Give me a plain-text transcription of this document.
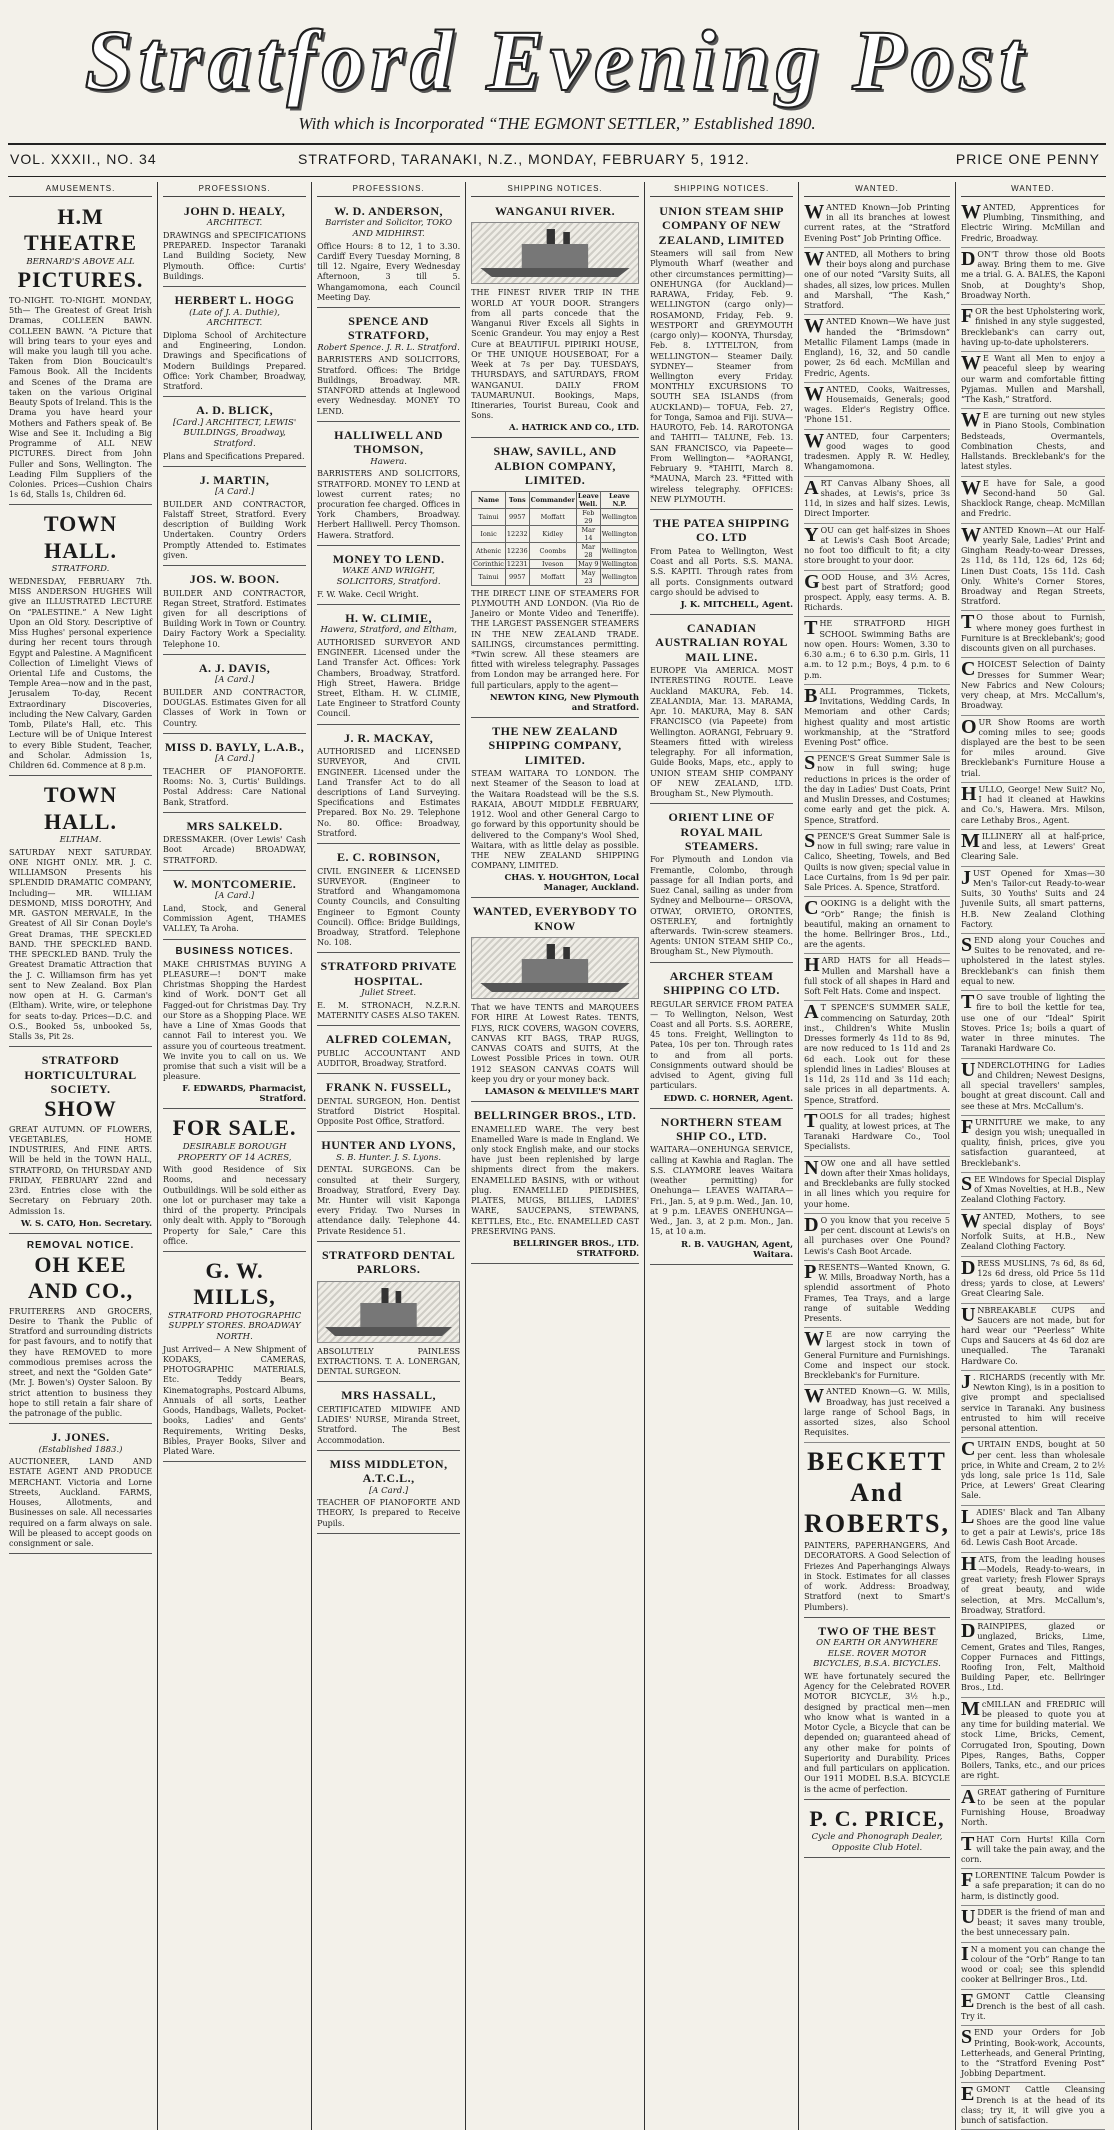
Stratford Evening Post
With which is Incorporated “THE EGMONT SETTLER,” Established 1890.
VOL. XXXII., NO. 34	STRATFORD, TARANAKI, N.Z., MONDAY, FEBRUARY 5, 1912.	PRICE ONE PENNY
AMUSEMENTS.
H.M THEATRE
BERNARD'S ABOVE ALL
PICTURES.
TO-NIGHT. TO-NIGHT. MONDAY, 5th— The Greatest of Great Irish Dramas, COLLEEN BAWN. COLLEEN BAWN. “A Picture that will bring tears to your eyes and will make you laugh till you ache. Taken from Dion Boucicault's Famous Book. All the Incidents and Scenes of the Drama are taken on the various Original Beauty Spots of Ireland. This is the Drama you have heard your Mothers and Fathers speak of. Be Wise and See it. Including a Big Programme of ALL NEW PICTURES. Direct from John Fuller and Sons, Wellington. The Leading Film Suppliers of the Colonies. Prices—Cushion Chairs 1s 6d, Stalls 1s, Children 6d.
TOWN HALL.
STRATFORD.
WEDNESDAY, FEBRUARY 7th. MISS ANDERSON HUGHES Will give an ILLUSTRATED LECTURE On “PALESTINE.” A New Light Upon an Old Story. Descriptive of Miss Hughes' personal experience during her recent tours through Egypt and Palestine. A Magnificent Collection of Limelight Views of Oriental Life and Customs, the Temple Area—now and in the past, Jerusalem To-day, Recent Extraordinary Discoveries, including the New Calvary, Garden Tomb, Pilate's Hall, etc. This Lecture will be of Unique Interest to every Bible Student, Teacher, and Scholar. Admission 1s, Children 6d. Commence at 8 p.m.
TOWN HALL.
ELTHAM.
SATURDAY NEXT SATURDAY. ONE NIGHT ONLY. MR. J. C. WILLIAMSON Presents his SPLENDID DRAMATIC COMPANY, Including— MR. WILLIAM DESMOND, MISS DOROTHY, And MR. GASTON MERVALE, In the Greatest of All Sir Conan Doyle's Great Dramas, THE SPECKLED BAND. THE SPECKLED BAND. THE SPECKLED BAND. Truly the Greatest Dramatic Attraction that the J. C. Williamson firm has yet sent to New Zealand. Box Plan now open at H. G. Carman's (Eltham). Write, wire, or telephone for seats to-day. Prices—D.C. and O.S., Booked 5s, unbooked 5s, Stalls 3s, Pit 2s.
STRATFORD HORTICULTURAL SOCIETY.
SHOW
GREAT AUTUMN. OF FLOWERS, VEGETABLES, HOME INDUSTRIES, And FINE ARTS. Will be held in the TOWN HALL, STRATFORD, On THURSDAY AND FRIDAY, FEBRUARY 22nd and 23rd. Entries close with the Secretary on February 20th. Admission 1s.
W. S. CATO, Hon. Secretary.
REMOVAL NOTICE.
OH KEE AND CO.,
FRUITERERS AND GROCERS, Desire to Thank the Public of Stratford and surrounding districts for past favours, and to notify that they have REMOVED to more commodious premises across the street, and next the “Golden Gate” (Mr. J. Bowen's) Oyster Saloon. By strict attention to business they hope to still retain a fair share of the patronage of the public.
J. JONES.
(Established 1883.)
AUCTIONEER, LAND AND ESTATE AGENT AND PRODUCE MERCHANT. Victoria and Lorne Streets, Auckland. FARMS, Houses, Allotments, and Businesses on sale. All necessaries required on a farm always on sale. Will be pleased to accept goods on consignment or sale.
PROFESSIONS.
JOHN D. HEALY,
ARCHITECT.
DRAWINGS and SPECIFICATIONS PREPARED. Inspector Taranaki Land Building Society, New Plymouth. Office: Curtis' Buildings.
HERBERT L. HOGG
(Late of J. A. Duthie), ARCHITECT.
Diploma School of Architecture and Engineering, London. Drawings and Specifications of Modern Buildings Prepared. Office: York Chamber, Broadway, Stratford.
A. D. BLICK,
[Card.] ARCHITECT, LEWIS' BUILDINGS, Broadway, Stratford.
Plans and Specifications Prepared.
J. MARTIN,
[A Card.]
BUILDER AND CONTRACTOR, Falstaff Street, Stratford. Every description of Building Work Undertaken. Country Orders Promptly Attended to. Estimates given.
JOS. W. BOON.
BUILDER AND CONTRACTOR, Regan Street, Stratford. Estimates given for all descriptions of Building Work in Town or Country. Dairy Factory Work a Speciality. Telephone 10.
A. J. DAVIS,
[A Card.]
BUILDER AND CONTRACTOR, DOUGLAS. Estimates Given for all Classes of Work in Town or Country.
MISS D. BAYLY, L.A.B.,
[A Card.]
TEACHER OF PIANOFORTE. Rooms: No. 3, Curtis' Buildings. Postal Address: Care National Bank, Stratford.
MRS SALKELD.
DRESSMAKER. (Over Lewis' Cash Boot Arcade) BROADWAY, STRATFORD.
W. MONTCOMERIE.
[A Card.]
Land, Stock, and General Commission Agent, THAMES VALLEY, Ta Aroha.
BUSINESS NOTICES.
MAKE CHRISTMAS BUYING A PLEASURE—! DON'T make Christmas Shopping the Hardest kind of Work. DON'T Get all Fagged-out for Christmas Day. Try our Store as a Shopping Place. WE have a Line of Xmas Goods that cannot Fail to interest you. We assure you of courteous treatment. We invite you to call on us. We promise that such a visit will be a pleasure.
F. EDWARDS, Pharmacist, Stratford.
FOR SALE.
DESIRABLE BOROUGH PROPERTY OF 14 ACRES,
With good Residence of Six Rooms, and necessary Outbuildings. Will be sold either as one lot or purchaser may take a third of the property. Principals only dealt with. Apply to “Borough Property for Sale,” Care this office.
G. W. MILLS,
STRATFORD PHOTOGRAPHIC SUPPLY STORES. BROADWAY NORTH.
Just Arrived— A New Shipment of KODAKS, CAMERAS, PHOTOGRAPHIC MATERIALS, Etc. Teddy Bears, Kinematographs, Postcard Albums, Annuals of all sorts, Leather Goods, Handbags, Wallets, Pocket-books, Ladies' and Gents' Requirements, Writing Desks, Bibles, Prayer Books, Silver and Plated Ware.
PROFESSIONS.
W. D. ANDERSON,
Barrister and Solicitor, TOKO AND MIDHIRST.
Office Hours: 8 to 12, 1 to 3.30. Cardiff Every Tuesday Morning, 8 till 12. Ngaire, Every Wednesday Afternoon, 3 till 5. Whangamomona, each Council Meeting Day.
SPENCE AND STRATFORD,
Robert Spence. J. R. L. Stratford.
BARRISTERS AND SOLICITORS, Stratford. Offices: The Bridge Buildings, Broadway. MR. STANFORD attends at Inglewood every Wednesday. MONEY TO LEND.
HALLIWELL AND THOMSON,
Hawera.
BARRISTERS AND SOLICITORS, STRATFORD. MONEY TO LEND at lowest current rates; no procuration fee charged. Offices in York Chambers, Broadway. Herbert Halliwell. Percy Thomson. Hawera. Stratford.
MONEY TO LEND.
WAKE AND WRIGHT, SOLICITORS, Stratford.
F. W. Wake. Cecil Wright.
H. W. CLIMIE,
Hawera, Stratford, and Eltham,
AUTHORISED SURVEYOR AND ENGINEER. Licensed under the Land Transfer Act. Offices: York Chambers, Broadway, Stratford. High Street, Hawera. Bridge Street, Eltham. H. W. CLIMIE, Late Engineer to Stratford County Council.
J. R. MACKAY,
AUTHORISED and LICENSED SURVEYOR, And CIVIL ENGINEER. Licensed under the Land Transfer Act to do all descriptions of Land Surveying. Specifications and Estimates Prepared. Box No. 29. Telephone No. 80. Office: Broadway, Stratford.
E. C. ROBINSON,
CIVIL ENGINEER & LICENSED SURVEYOR. (Engineer to Stratford and Whangamomona County Councils, and Consulting Engineer to Egmont County Council). Office: Bridge Buildings, Broadway, Stratford. Telephone No. 108.
STRATFORD PRIVATE HOSPITAL.
Juliet Street.
E. M. STRONACH, N.Z.R.N. MATERNITY CASES ALSO TAKEN.
ALFRED COLEMAN,
PUBLIC ACCOUNTANT AND AUDITOR, Broadway, Stratford.
FRANK N. FUSSELL,
DENTAL SURGEON, Hon. Dentist Stratford District Hospital. Opposite Post Office, Stratford.
HUNTER AND LYONS,
S. B. Hunter. J. S. Lyons.
DENTAL SURGEONS. Can be consulted at their Surgery, Broadway, Stratford, Every Day. Mr. Hunter will visit Kaponga every Friday. Two Nurses in attendance daily. Telephone 44. Private Residence 51.
STRATFORD DENTAL PARLORS.
ABSOLUTELY PAINLESS EXTRACTIONS. T. A. LONERGAN, DENTAL SURGEON.
MRS HASSALL,
CERTIFICATED MIDWIFE AND LADIES' NURSE, Miranda Street, Stratford. The Best Accommodation.
MISS MIDDLETON, A.T.C.L.,
[A Card.]
TEACHER OF PIANOFORTE AND THEORY, Is prepared to Receive Pupils.
SHIPPING NOTICES.
WANGANUI RIVER.
THE FINEST RIVER TRIP IN THE WORLD AT YOUR DOOR. Strangers from all parts concede that the Wanganui River Excels all Sights in Scenic Grandeur. You may enjoy a Rest Cure at BEAUTIFUL PIPIRIKI HOUSE, Or THE UNIQUE HOUSEBOAT, For a Week at 7s per Day. TUESDAYS, THURSDAYS, and SATURDAYS, FROM WANGANUI. DAILY FROM TAUMARUNUI. Bookings, Maps, Itineraries, Tourist Bureau, Cook and Sons.
A. HATRICK AND CO., LTD.
SHAW, SAVILL, AND ALBION COMPANY, LIMITED.
Name	Tons	Commander	Leave Well.	Leave N.P.
Tainui	9957	Moffatt	Feb 29	Wellington
Ionic	12232	Kidley	Mar 14	Wellington
Athenic	12236	Coombs	Mar 28	Wellington
Corinthic	12231	Iveson	May 9	Wellington
Tainui	9957	Moffatt	May 23	Wellington
THE DIRECT LINE OF STEAMERS FOR PLYMOUTH AND LONDON. (Via Rio de Janeiro or Monte Video and Teneriffe). THE LARGEST PASSENGER STEAMERS IN THE NEW ZEALAND TRADE. SAILINGS, circumstances permitting. *Twin screw. All these steamers are fitted with wireless telegraphy. Passages from London may be arranged here. For full particulars, apply to the agent—
NEWTON KING, New Plymouth and Stratford.
THE NEW ZEALAND SHIPPING COMPANY, LIMITED.
STEAM WAITARA TO LONDON. The next Steamer of the Season to load at the Waitara Roadstead will be the S.S. RAKAIA, ABOUT MIDDLE FEBRUARY, 1912. Wool and other General Cargo to go forward by this opportunity should be delivered to the Company's Wool Shed, Waitara, with as little delay as possible. THE NEW ZEALAND SHIPPING COMPANY, LIMITED.
CHAS. Y. HOUGHTON, Local Manager, Auckland.
WANTED, EVERYBODY TO KNOW
That we have TENTS and MARQUEES FOR HIRE At Lowest Rates. TENTS, FLYS, RICK COVERS, WAGON COVERS, CANVAS KIT BAGS, TRAP RUGS, CANVAS COATS and SUITS, At the Lowest Possible Prices in town. OUR 1912 SEASON CANVAS COATS Will keep you dry or your money back.
LAMASON & MELVILLE'S MART
BELLRINGER BROS., LTD.
ENAMELLED WARE. The very best Enamelled Ware is made in England. We only stock English make, and our stocks have just been replenished by large shipments direct from the makers. ENAMELLED BASINS, with or without plug. ENAMELLED PIEDISHES, PLATES, MUGS, BILLIES, LADIES' WARE, SAUCEPANS, STEWPANS, KETTLES, Etc., Etc. ENAMELLED CAST PRESERVING PANS.
BELLRINGER BROS., LTD. STRATFORD.
SHIPPING NOTICES.
UNION STEAM SHIP COMPANY OF NEW ZEALAND, LIMITED
Steamers will sail from New Plymouth Wharf (weather and other circumstances permitting)— ONEHUNGA (for Auckland)— RARAWA, Friday, Feb. 9. WELLINGTON (cargo only)— ROSAMOND, Friday, Feb. 9. WESTPORT and GREYMOUTH (cargo only)— KOONYA, Thursday, Feb. 8. LYTTELTON, from WELLINGTON— Steamer Daily. SYDNEY— Steamer from Wellington every Friday. MONTHLY EXCURSIONS TO SOUTH SEA ISLANDS (from AUCKLAND)— TOFUA, Feb. 27, for Tonga, Samoa and Fiji. SUVA— HAUROTO, Feb. 14. RAROTONGA and TAHITI— TALUNE, Feb. 13. SAN FRANCISCO, via Papeete— From Wellington— *AORANGI, February 9. *TAHITI, March 8. *MAUNA, March 23. *Fitted with wireless telegraphy. OFFICES: NEW PLYMOUTH.
THE PATEA SHIPPING CO. LTD
From Patea to Wellington, West Coast and all Ports. S.S. MANA. S.S. KAPITI. Through rates from all ports. Consignments outward cargo should be advised to
J. K. MITCHELL, Agent.
CANADIAN AUSTRALIAN ROYAL MAIL LINE.
EUROPE Via AMERICA. MOST INTERESTING ROUTE. Leave Auckland MAKURA, Feb. 14. ZEALANDIA, Mar. 13. MARAMA, Apr. 10. MAKURA, May 8. SAN FRANCISCO (via Papeete) from Wellington. AORANGI, February 9. Steamers fitted with wireless telegraphy. For all information, Guide Books, Maps, etc., apply to UNION STEAM SHIP COMPANY OF NEW ZEALAND, LTD. Brougham St., New Plymouth.
ORIENT LINE OF ROYAL MAIL STEAMERS.
For Plymouth and London via Fremantle, Colombo, through passage for all Indian ports, and Suez Canal, sailing as under from Sydney and Melbourne— ORSOVA, OTWAY, ORVIETO, ORONTES, OSTERLEY, and fortnightly afterwards. Twin-screw steamers. Agents: UNION STEAM SHIP Co., Brougham St., New Plymouth.
ARCHER STEAM SHIPPING CO LTD.
REGULAR SERVICE FROM PATEA— To Wellington, Nelson, West Coast and all Ports. S.S. AORERE, 45 tons. Freight, Wellington to Patea, 10s per ton. Through rates to and from all ports. Consignments outward should be advised to Agent, giving full particulars.
EDWD. C. HORNER, Agent.
NORTHERN STEAM SHIP CO., LTD.
WAITARA—ONEHUNGA SERVICE, calling at Kawhia and Raglan. The S.S. CLAYMORE leaves Waitara (weather permitting) for Onehunga— LEAVES WAITARA— Fri., Jan. 5, at 9 p.m. Wed., Jan. 10, at 9 p.m. LEAVES ONEHUNGA— Wed., Jan. 3, at 2 p.m. Mon., Jan. 15, at 10 a.m.
R. B. VAUGHAN, Agent, Waitara.
WANTED.
WANTED Known—Job Printing in all its branches at lowest current rates, at the “Stratford Evening Post” Job Printing Office.
WANTED, all Mothers to bring their boys along and purchase one of our noted “Varsity Suits, all shades, all sizes, low prices. Mullen and Marshall, “The Kash,” Stratford.
WANTED Known—We have just handed the “Brimsdown” Metallic Filament Lamps (made in England), 16, 32, and 50 candle power, 2s 6d each. McMillan and Fredric, Agents.
WANTED, Cooks, Waitresses, Housemaids, Generals; good wages. Elder's Registry Office. 'Phone 151.
WANTED, four Carpenters; good wages to good tradesmen. Apply R. W. Hedley, Whangamomona.
ART Canvas Albany Shoes, all shades, at Lewis's, price 3s 11d, in sizes and half sizes. Lewis, Direct Importer.
YOU can get half-sizes in Shoes at Lewis's Cash Boot Arcade; no foot too difficult to fit; a city store brought to your door.
GOOD House, and 3½ Acres, best part of Stratford; good prospect. Apply, easy terms. A. B. Richards.
THE STRATFORD HIGH SCHOOL Swimming Baths are now open. Hours: Women, 3.30 to 6.30 a.m.; 6 to 6.30 p.m. Girls, 11 a.m. to 12 p.m.; Boys, 4 p.m. to 6 p.m.
BALL Programmes, Tickets, Invitations, Wedding Cards, In Memoriam and other Cards; highest quality and most artistic workmanship, at the “Stratford Evening Post” office.
SPENCE'S Great Summer Sale is now in full swing; huge reductions in prices is the order of the day in Ladies' Dust Coats, Print and Muslin Dresses, and Costumes; come early and get the pick. A. Spence, Stratford.
SPENCE'S Great Summer Sale is now in full swing; rare value in Calico, Sheeting, Towels, and Bed Quilts is now given; special value in Lace Curtains, from 1s 9d per pair. Sale Prices. A. Spence, Stratford.
COOKING is a delight with the “Orb” Range; the finish is beautiful, making an ornament to the home. Bellringer Bros., Ltd., are the agents.
HARD HATS for all Heads—Mullen and Marshall have a full stock of all shapes in Hard and Soft Felt Hats. Come and inspect.
A T SPENCE'S SUMMER SALE, commencing on Saturday, 20th inst., Children's White Muslin Dresses formerly 4s 11d to 8s 9d, are now reduced to 1s 11d and 2s 6d each. Look out for these splendid lines in Ladies' Blouses at 1s 11d, 2s 11d and 3s 11d each; sale prices in all departments. A. Spence, Stratford.
TOOLS for all trades; highest quality, at lowest prices, at The Taranaki Hardware Co., Tool Specialists.
NOW one and all have settled down after their Xmas holidays, and Brecklebanks are fully stocked in all lines which you require for your home.
D O you know that you receive 5 per cent. discount at Lewis's on all purchases over One Pound? Lewis's Cash Boot Arcade.
PRESENTS—Wanted Known, G. W. Mills, Broadway North, has a splendid assortment of Photo Frames, Tea Trays, and a large range of suitable Wedding Presents.
W E are now carrying the largest stock in town of General Furniture and Furnishings. Come and inspect our stock. Brecklebank's for Furniture.
WANTED Known—G. W. Mills, Broadway, has just received a large range of School Bags, in assorted sizes, also School Requisites.
BECKETT And ROBERTS,
PAINTERS, PAPERHANGERS, And DECORATORS. A Good Selection of Friezes And Paperhangings Always in Stock. Estimates for all classes of work. Address: Broadway, Stratford (next to Smart's Plumbers).
TWO OF THE BEST
ON EARTH OR ANYWHERE ELSE. ROVER MOTOR BICYCLES, B.S.A. BICYCLES.
WE have fortunately secured the Agency for the Celebrated ROVER MOTOR BICYCLE, 3½ h.p., designed by practical men—men who know what is wanted in a Motor Cycle, a Bicycle that can be depended on; guaranteed ahead of any other make for points of Superiority and Durability. Prices and full particulars on application. Our 1911 MODEL B.S.A. BICYCLE is the acme of perfection.
P. C. PRICE,
Cycle and Phonograph Dealer, Opposite Club Hotel.
WANTED.
WANTED, Apprentices for Plumbing, Tinsmithing, and Electric Wiring. McMillan and Fredric, Broadway.
DON'T throw those old Boots away. Bring them to me. Give me a trial. G. A. BALES, the Kaponi Snob, at Doughty's Shop, Broadway North.
FOR the best Upholstering work, finished in any style suggested, Brecklebank's can carry out, having up-to-date upholsterers.
W E Want all Men to enjoy a peaceful sleep by wearing our warm and comfortable fitting Pyjamas. Mullen and Marshall, “The Kash,” Stratford.
W E are turning out new styles in Piano Stools, Combination Bedsteads, Overmantels, Combination Chests, and Hallstands. Brecklebank's for the latest styles.
W E have for Sale, a good Second-hand 50 Gal. Shacklock Range, cheap. McMillan and Fredric.
WANTED Known—At our Half-yearly Sale, Ladies' Print and Gingham Ready-to-wear Dresses, 2s 11d, 8s 11d, 12s 6d, 12s 6d; Linen Dust Coats, 15s 11d. Cash Only. White's Corner Stores, Broadway and Regan Streets, Stratford.
T O those about to Furnish, where money goes furthest in Furniture is at Brecklebank's; good discounts given on all purchases.
CHOICEST Selection of Dainty Dresses for Summer Wear; New Fabrics and New Colours; very cheap, at Mrs. McCallum's, Broadway.
OUR Show Rooms are worth coming miles to see; goods displayed are the best to be seen for miles around. Give Brecklebank's Furniture House a trial.
HULLO, George! New Suit? No, I had it cleaned at Hawkins and Co.'s, Hawera. Mrs. Milson, care Lethaby Bros., Agent.
MILLINERY all at half-price, and less, at Lewers' Great Clearing Sale.
JUST Opened for Xmas—30 Men's Tailor-cut Ready-to-wear Suits, 30 Youths' Suits and 24 Juvenile Suits, all smart patterns, H.B. New Zealand Clothing Factory.
SEND along your Couches and Suites to be renovated, and re-upholstered in the latest styles. Brecklebank's can finish them equal to new.
T O save trouble of lighting the fire to boil the kettle for tea, use one of our “Ideal” Spirit Stoves. Price 1s; boils a quart of water in three minutes. The Taranaki Hardware Co.
UNDERCLOTHING for Ladies and Children; Newest Designs, all special travellers' samples, bought at great discount. Call and see these at Mrs. McCallum's.
FURNITURE we make, to any design you wish; unequalled in quality, finish, prices, give you satisfaction guaranteed, at Brecklebank's.
SEE Windows for Special Display of Xmas Novelties, at H.B., New Zealand Clothing Factory.
WANTED, Mothers, to see special display of Boys' Norfolk Suits, at H.B., New Zealand Clothing Factory.
DRESS MUSLINS, 7s 6d, 8s 6d, 12s 6d dress, old Price 5s 11d dress; yards to close, at Lewers' Great Clearing Sale.
UNBREAKABLE CUPS and Saucers are not made, but for hard wear our “Peerless” White Cups and Saucers at 4s 6d doz are unequalled. The Taranaki Hardware Co.
J . RICHARDS (recently with Mr. Newton King), is in a position to give prompt and specialised service in Taranaki. Any business entrusted to him will receive personal attention.
CURTAIN ENDS, bought at 50 per cent. less than wholesale price, in White and Cream, 2 to 2½ yds long, sale price 1s 11d, Sale Price, at Lewers' Great Clearing Sale.
LADIES' Black and Tan Albany Shoes are the good line value to get a pair at Lewis's, price 18s 6d. Lewis Cash Boot Arcade.
HATS, from the leading houses—Models, Ready-to-wears, in great variety; fresh Flower Sprays of great beauty, and wide selection, at Mrs. McCallum's, Broadway, Stratford.
DRAINPIPES, glazed or unglazed, Bricks, Lime, Cement, Grates and Tiles, Ranges, Copper Furnaces and Fittings, Roofing Iron, Felt, Malthoid Building Paper, etc. Bellringer Bros., Ltd.
McMILLAN and FREDRIC will be pleased to quote you at any time for building material. We stock Lime, Bricks, Cement, Corrugated Iron, Spouting, Down Pipes, Ranges, Baths, Copper Boilers, Tanks, etc., and our prices are right.
A GREAT gathering of Furniture to be seen at the popular Furnishing House, Broadway North.
THAT Corn Hurts! Killa Corn will take the pain away, and the corn.
FLORENTINE Talcum Powder is a safe preparation; it can do no harm, is distinctly good.
UDDER is the friend of man and beast; it saves many trouble, the best unnecessary pain.
I N a moment you can change the colour of the “Orb” Range to tan wood or coal; see this splendid cooker at Bellringer Bros., Ltd.
EGMONT Cattle Cleansing Drench is the best of all cash. Try it.
SEND your Orders for Job Printing, Book-work, Accounts, Letterheads, and General Printing, to the “Stratford Evening Post” Jobbing Department.
EGMONT Cattle Cleansing Drench is at the head of its class; try it, it will give you a bunch of satisfaction.
